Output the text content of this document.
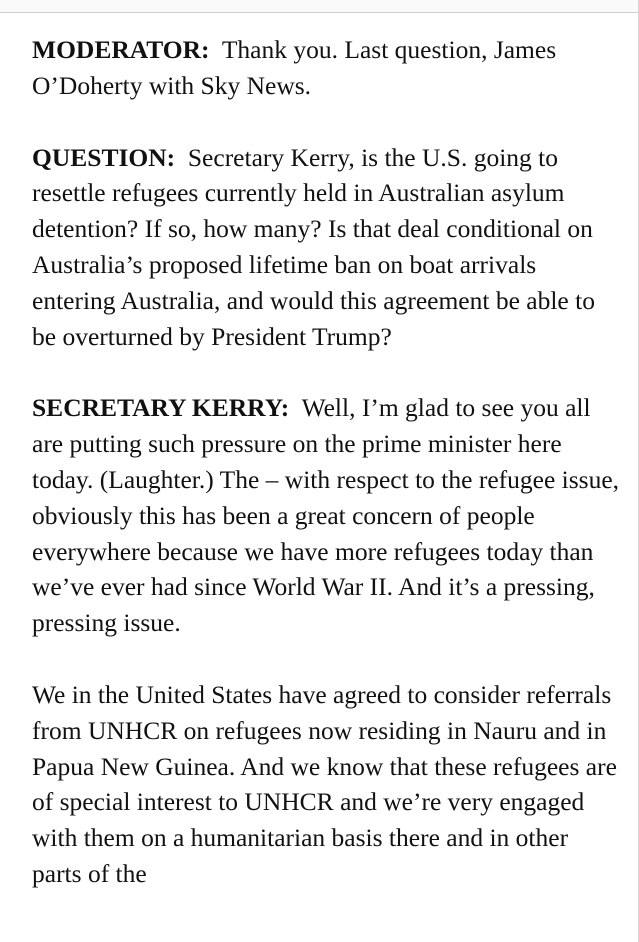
MODERATOR: Thank you. Last question, James O’Doherty with Sky News.

QUESTION: Secretary Kerry, is the U.S. going to resettle refugees currently held in Australian asylum detention? If so, how many? Is that deal conditional on Australia’s proposed lifetime ban on boat arrivals entering Australia, and would this agreement be able to be overturned by President Trump?

SECRETARY KERRY: Well, I’m glad to see you all are putting such pressure on the prime minister here today. (Laughter.) The – with respect to the refugee issue, obviously this has been a great concern of people everywhere because we have more refugees today than we’ve ever had since World War II. And it’s a pressing, pressing issue.

We in the United States have agreed to consider referrals from UNHCR on refugees now residing in Nauru and in Papua New Guinea. And we know that these refugees are of special interest to UNHCR and we’re very engaged with them on a humanitarian basis there and in other parts of the
